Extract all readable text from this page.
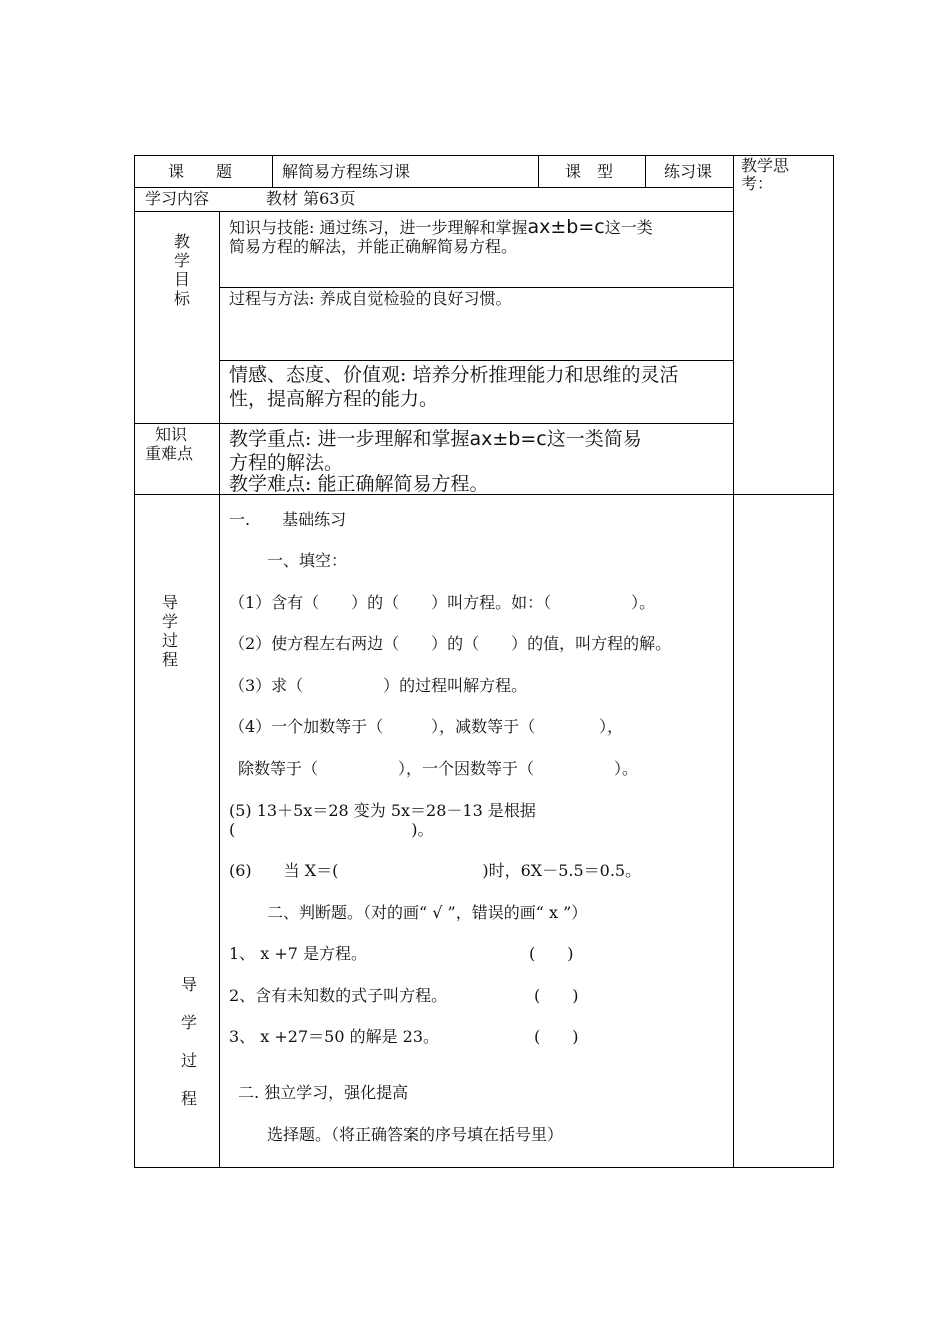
课　　题	解简易方程练习课	课　型	练习课 教学思考：
学习内容	教材 第63页
教学目标
知识与技能: 通过练习，进一步理解和掌握ax±b=c这一类
简易方程的解法，并能正确解简易方程。
过程与方法: 养成自觉检验的良好习惯。
情感、态度、价值观: 培养分析推理能力和思维的灵活
性，提高解方程的能力。
知识
重难点
教学重点: 进一步理解和掌握ax±b=c这一类简易
方程的解法。
教学难点: 能正确解简易方程。
导学过程
导学过程
一.　　基础练习
一、填空：
（1）含有（　　）的（　　）叫方程。如：（　　　　　）。
（2）使方程左右两边（　　）的（　　）的值，叫方程的解。
（3）求（　　　　　）的过程叫解方程。
（4）一个加数等于（　　　），减数等于（　　　　），
除数等于（　　　　　），一个因数等于（　　　　　）。
(5) 13＋5x＝28 变为 5x＝28－13 是根据
(　　　　　　　　　　　)。
(6)　　当 X＝(　　　　　　　　　)时，6X－5.5＝0.5。
二、判断题。（对的画“ √ ”，错误的画“ x ”）
1、 x +7 是方程。	(　　)
2、含有未知数的式子叫方程。	(　　)
3、 x +27＝50 的解是 23。	(　　)
二. 独立学习，强化提高
选择题。（将正确答案的序号填在括号里）
